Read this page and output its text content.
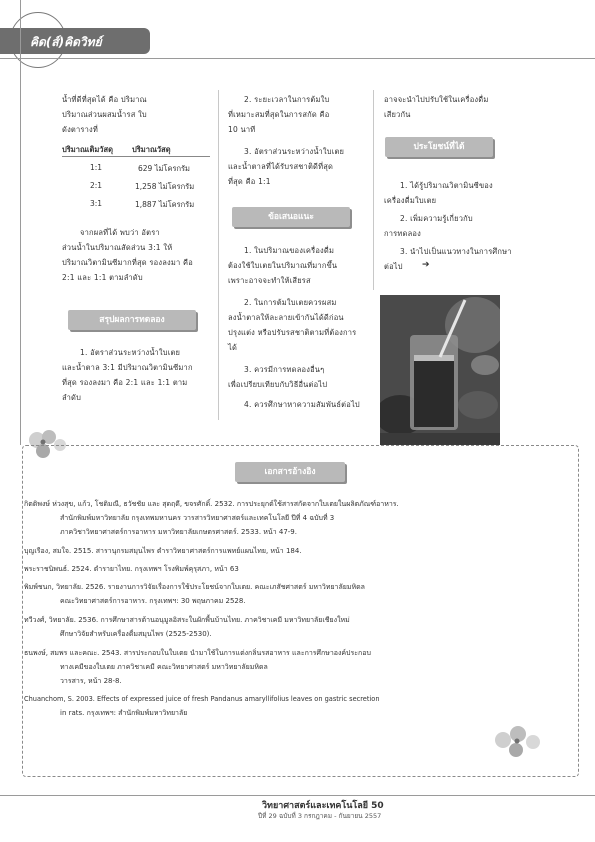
คิด(ส์)คิดวิทย์
น้ำที่ดีที่สุดได้ คือ ปริมาณ
ปริมาณส่วนผสมน้ำรส ใบ
ดังตารางที่
ปริมาณเติมวัสดุ	ปริมาณวัสดุ
1:1	629 ไม่โครกรัม
2:1	1,258 ไม่โครกรัม
3:1	1,887 ไม่โครกรัม
จากผลที่ได้ พบว่า อัตรา
ส่วนน้ำในปริมาณสัดส่วน 3:1 ให้
ปริมาณวิตามินซีมากที่สุด รองลงมา คือ
2:1 และ 1:1 ตามลำดับ
สรุปผลการทดลอง
1. อัตราส่วนระหว่างน้ำใบเตย
และน้ำตาล 3:1 มีปริมาณวิตามินซีมาก
ที่สุด รองลงมา คือ 2:1 และ 1:1 ตาม
ลำดับ
2. ระยะเวลาในการต้มใบ
ที่เหมาะสมที่สุดในการสกัด คือ
10 นาที
3. อัตราส่วนระหว่างน้ำใบเตย
และน้ำตาลที่ได้รับรสชาติดีที่สุด
ที่สุด คือ 1:1
ข้อเสนอแนะ
1. ในปริมาณของเครื่องดื่ม
ต้องใช้ใบเตยในปริมาณที่มากขึ้น
เพราะอาจจะทำให้เสียรส
2. ในการต้มใบเตยควรผสม
ลงน้ำตาลให้ละลายเข้ากันได้ดีก่อน
ปรุงแต่ง หรือปรับรสชาติตามที่ต้องการ
ได้
3. ควรมีการทดลองอื่นๆ
เพื่อเปรียบเทียบกับวิธีอื่นต่อไป
4. ควรศึกษาหาความสัมพันธ์ต่อไป
อาจจะนำไปปรับใช้ในเครื่องดื่ม
เสียวกัน
ประโยชน์ที่ได้
1. ได้รู้ปริมาณวิตามินซีของ
เครื่องดื่มใบเตย
2. เพิ่มความรู้เกี่ยวกับ
การทดลอง
3. นำไปเป็นแนวทางในการศึกษา
ต่อไป ➔
เอกสารอ้างอิง
กิตติพงษ์ ห่วงสุข, แก้ว, โชติมณี, ธวัชชัย และ สุดฤดี, ขจรศักดิ์. 2532. การประยุกต์ใช้สารสกัดจากใบเตยในผลิตภัณฑ์อาหาร.
สำนักพิมพ์มหาวิทยาลัย กรุงเทพมหานคร วารสารวิทยาศาสตร์และเทคโนโลยี ปีที่ 4 ฉบับที่ 3
ภาควิชาวิทยาศาสตร์การอาหาร มหาวิทยาลัยเกษตรศาสตร์. 2533. หน้า 47-9.
บุญเรือง, สมใจ. 2515. สารานุกรมสมุนไพร ตำราวิทยาศาสตร์การแพทย์แผนไทย, หน้า 184.
พระราชนิพนธ์. 2524. ตำรายาไทย. กรุงเทพฯ โรงพิมพ์คุรุสภา, หน้า 63
พิมพ์ชนก, วิทยาลัย. 2526. รายงานการวิจัยเรื่องการใช้ประโยชน์จากใบเตย. คณะเภสัชศาสตร์ มหาวิทยาลัยมหิดล
คณะวิทยาศาสตร์การอาหาร. กรุงเทพฯ: 30 พฤษภาคม 2528.
ทวีวงศ์, วิทยาลัย. 2536. การศึกษาสารต้านอนุมูลอิสระในผักพื้นบ้านไทย. ภาควิชาเคมี มหาวิทยาลัยเชียงใหม่
ศึกษาวิจัยสำหรับเครื่องดื่มสมุนไพร (2525-2530).
ธนพงษ์, สมพร และคณะ. 2543. สารประกอบในใบเตย นำมาใช้ในการแต่งกลิ่นรสอาหาร และการศึกษาองค์ประกอบ
ทางเคมีของใบเตย ภาควิชาเคมี คณะวิทยาศาสตร์ มหาวิทยาลัยมหิดล
วารสาร, หน้า 28-8.
Chuanchom, S. 2003. Effects of expressed juice of fresh Pandanus amaryllifolius leaves on gastric secretion
in rats. กรุงเทพฯ: สำนักพิมพ์มหาวิทยาลัย
วิทยาศาสตร์และเทคโนโลยี 50
ปีที่ 29 ฉบับที่ 3 กรกฎาคม - กันยายน 2557
